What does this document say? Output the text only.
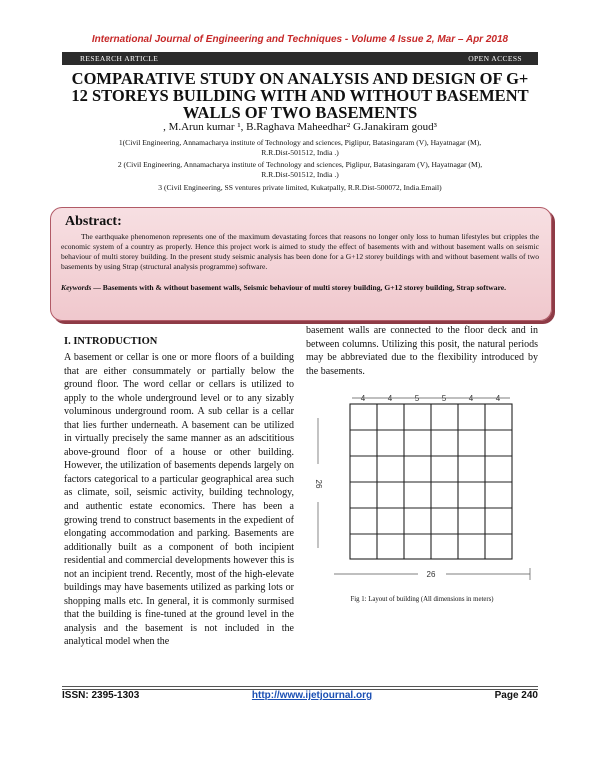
International Journal of Engineering and Techniques - Volume 4 Issue 2, Mar – Apr 2018
RESEARCH ARTICLE	OPEN ACCESS
COMPARATIVE STUDY ON ANALYSIS AND DESIGN OF G+
12 STOREYS BUILDING WITH AND WITHOUT BASEMENT
WALLS OF TWO BASEMENTS
, M.Arun kumar ¹, B.Raghava Maheedhar² G.Janakiram goud³
1(Civil Engineering, Annamacharya institute of Technology and sciences, Piglipur, Batasingaram (V), Hayatnagar (M),
R.R.Dist-501512, India .)
2 (Civil Engineering, Annamacharya institute of Technology and sciences, Piglipur, Batasingaram (V), Hayatnagar (M),
R.R.Dist-501512, India .)
3 (Civil Engineering, SS ventures private limited, Kukatpally, R.R.Dist-500072, India.Email)
Abstract:
The earthquake phenomenon represents one of the maximum devastating forces that reasons no longer only loss to human lifestyles but cripples the economic system of a country as properly. Hence this project work is aimed to study the effect of basements with and without basement walls on seismic behaviour of multi storey building. In the present study seismic analysis has been done for a G+12 storey buildings with and without basement walls of two basements by using Strap (structural analysis programme) software.
Keywords — Basements with & without basement walls, Seismic behaviour of multi storey building, G+12 storey building, Strap software.
I. INTRODUCTION
A basement or cellar is one or more floors of a building that are either consummately or partially below the ground floor. The word cellar or cellars is utilized to apply to the whole underground level or to any sizably voluminous underground room. A sub cellar is a cellar that lies further underneath. A basement can be utilized in virtually precisely the same manner as an adscititious above-ground floor of a house or other building. However, the utilization of basements depends largely on factors categorical to a particular geographical area such as climate, soil, seismic activity, building technology, and authentic estate economics. There has been a growing trend to construct basements in the expedient of elongating accommodation and parking. Basements are additionally built as a component of both incipient residential and commercial developments however this is not an incipient trend. Recently, most of the high-elevate buildings may have basements utilized as parking lots or shopping malls etc. In general, it is commonly surmised that the building is fine-tuned at the ground level in the analysis and the basement is not included in the analytical model when the
basement walls are connected to the floor deck and in between columns. Utilizing this posit, the natural periods may be abbreviated due to the flexibility introduced by the basements.
4	4	5	5	4	4
26
26
Fig 1: Layout of building (All dimensions in meters)
ISSN: 2395-1303	http://www.ijetjournal.org	Page 240
